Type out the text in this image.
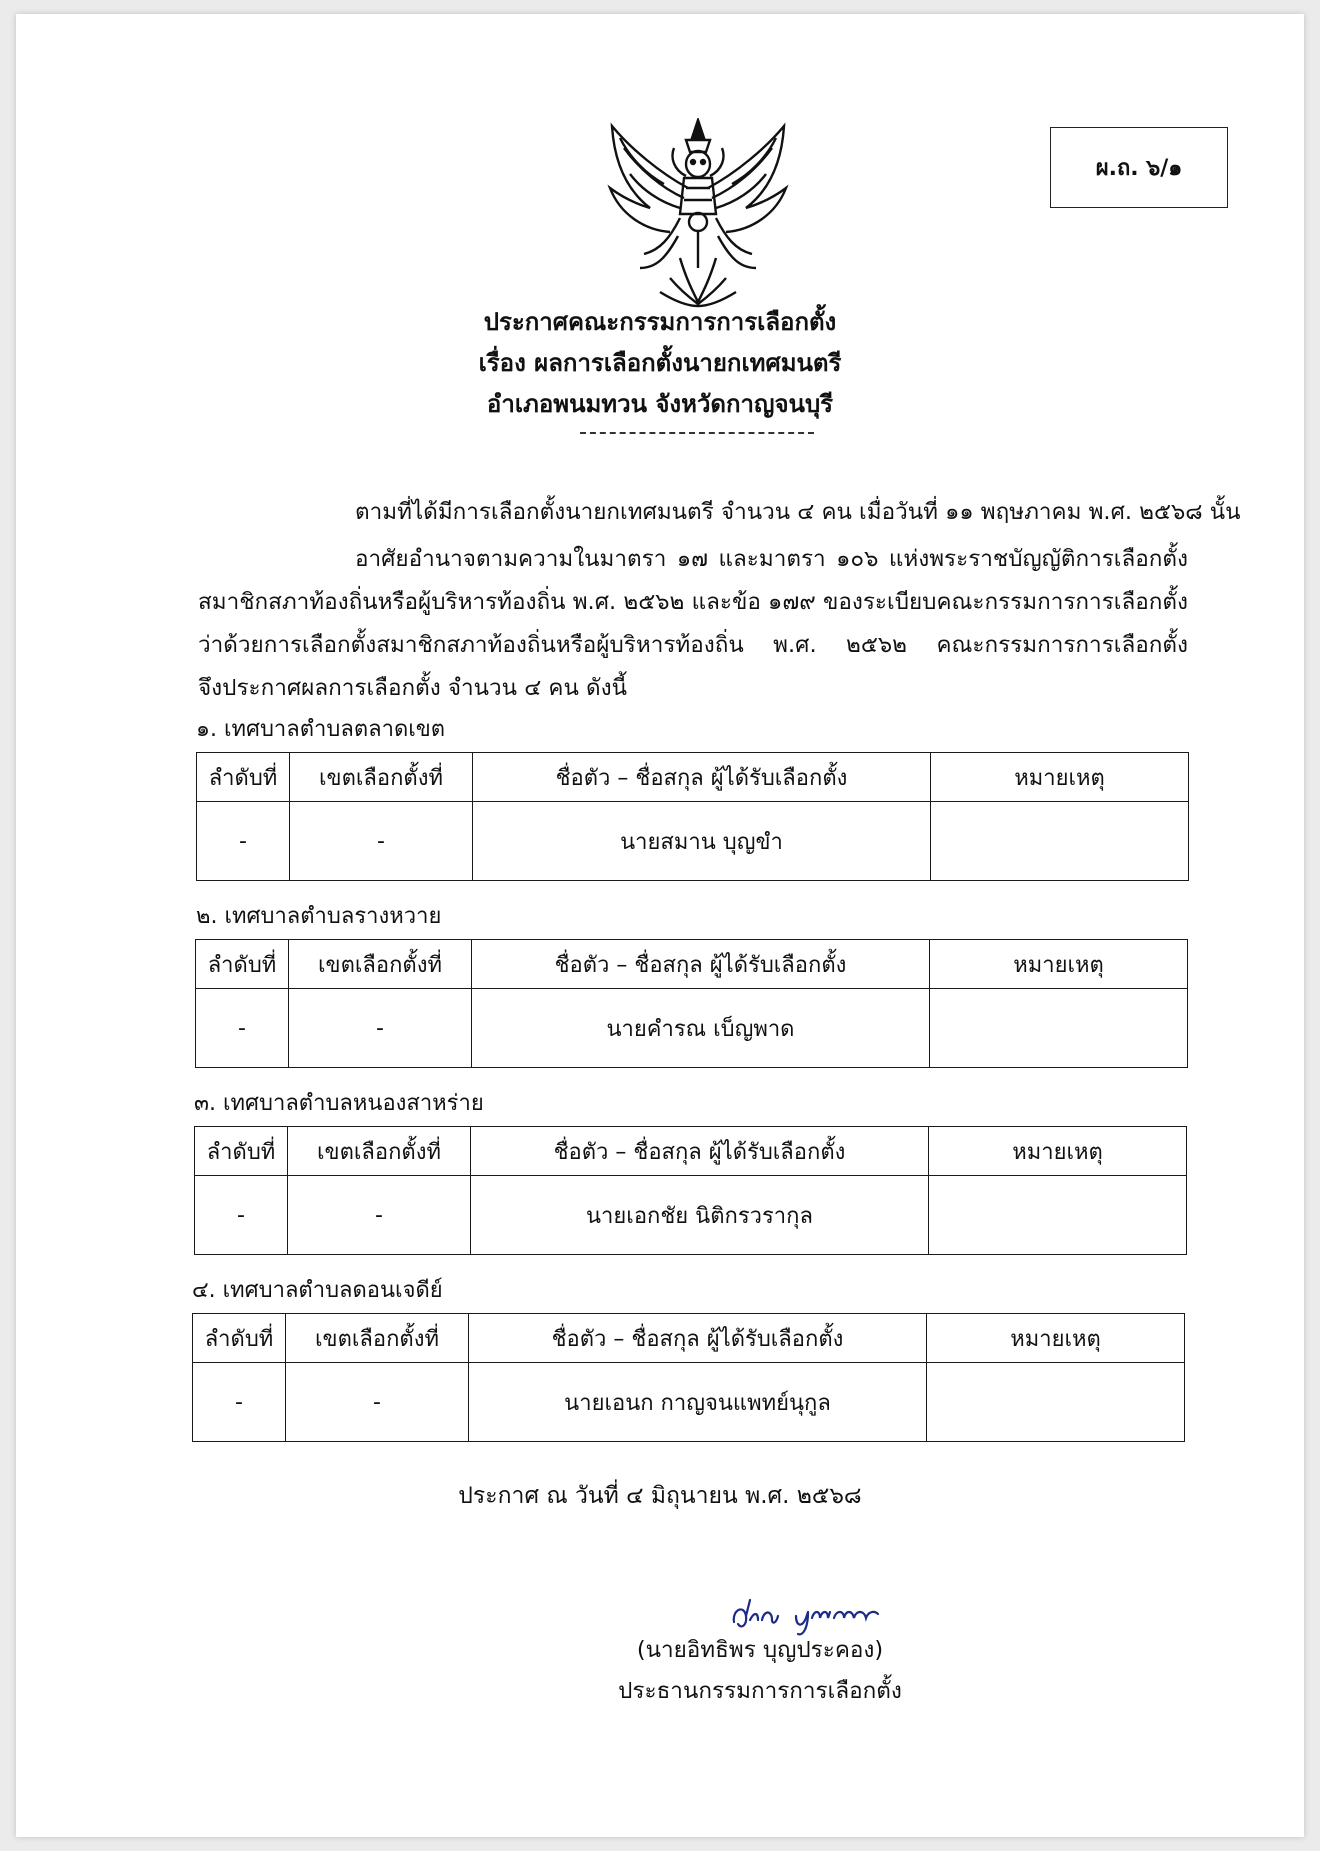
ผ.ถ. ๖/๑
ประกาศคณะกรรมการการเลือกตั้ง
เรื่อง ผลการเลือกตั้งนายกเทศมนตรี
อำเภอพนมทวน จังหวัดกาญจนบุรี
ตามที่ได้มีการเลือกตั้งนายกเทศมนตรี จำนวน ๔ คน เมื่อวันที่ ๑๑ พฤษภาคม พ.ศ. ๒๕๖๘ นั้น
อาศัยอำนาจตามความในมาตรา ๑๗ และมาตรา ๑๐๖ แห่งพระราชบัญญัติการเลือกตั้ง
สมาชิกสภาท้องถิ่นหรือผู้บริหารท้องถิ่น พ.ศ. ๒๕๖๒ และข้อ ๑๗๙ ของระเบียบคณะกรรมการการเลือกตั้ง
ว่าด้วยการเลือกตั้งสมาชิกสภาท้องถิ่นหรือผู้บริหารท้องถิ่น พ.ศ. ๒๕๖๒ คณะกรรมการการเลือกตั้ง
จึงประกาศผลการเลือกตั้ง จำนวน ๔ คน ดังนี้
๑. เทศบาลตำบลตลาดเขต
ลำดับที่	เขตเลือกตั้งที่	ชื่อตัว – ชื่อสกุล ผู้ได้รับเลือกตั้ง	หมายเหตุ
-	-	นายสมาน บุญขำ	
๒. เทศบาลตำบลรางหวาย
ลำดับที่	เขตเลือกตั้งที่	ชื่อตัว – ชื่อสกุล ผู้ได้รับเลือกตั้ง	หมายเหตุ
-	-	นายคำรณ เบ็ญพาด	
๓. เทศบาลตำบลหนองสาหร่าย
ลำดับที่	เขตเลือกตั้งที่	ชื่อตัว – ชื่อสกุล ผู้ได้รับเลือกตั้ง	หมายเหตุ
-	-	นายเอกชัย นิติกรวรากุล	
๔. เทศบาลตำบลดอนเจดีย์
ลำดับที่	เขตเลือกตั้งที่	ชื่อตัว – ชื่อสกุล ผู้ได้รับเลือกตั้ง	หมายเหตุ
-	-	นายเอนก กาญจนแพทย์นุกูล	
ประกาศ ณ วันที่ ๔ มิถุนายน พ.ศ. ๒๕๖๘
(นายอิทธิพร บุญประคอง)
ประธานกรรมการการเลือกตั้ง
